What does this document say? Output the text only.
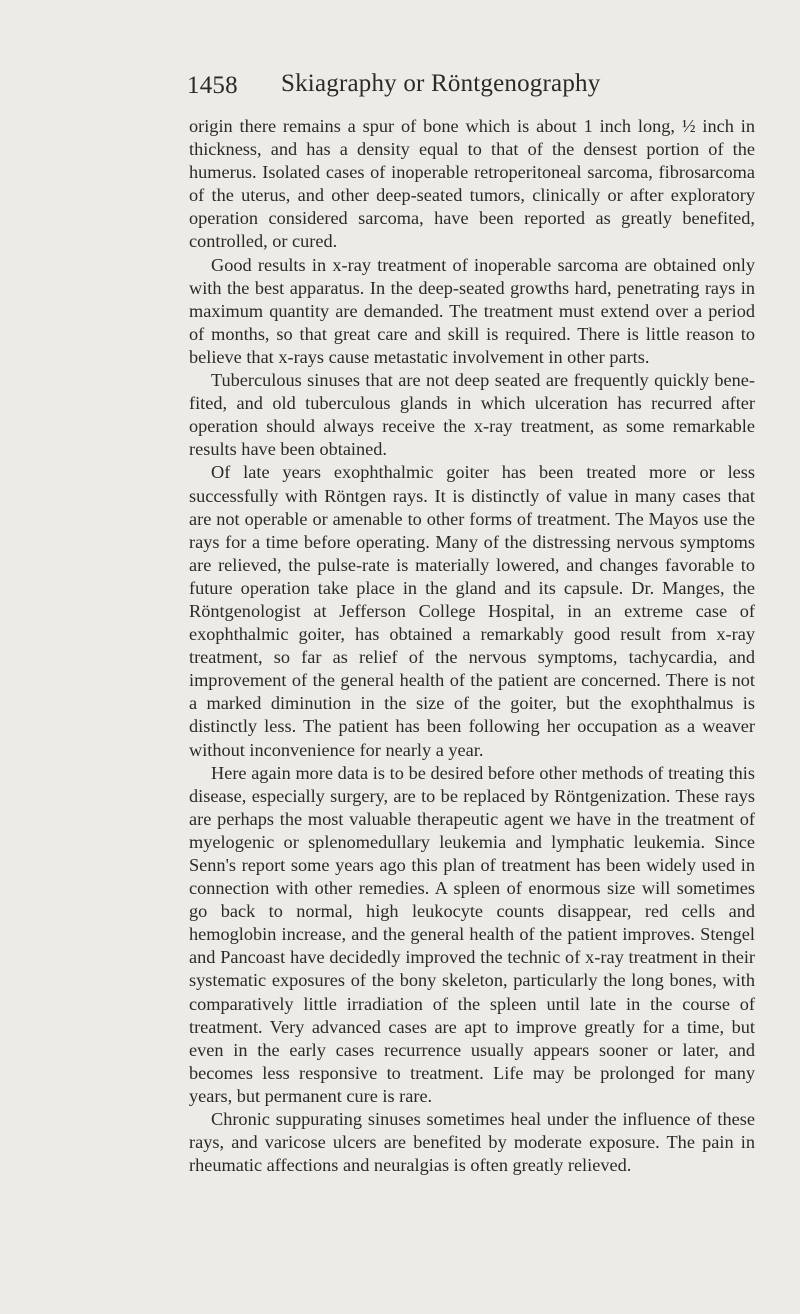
1458 Skiagraphy or Röntgenography

origin there remains a spur of bone which is about 1 inch long, ½ inch in thickness, and has a density equal to that of the densest portion of the humerus. Isolated cases of inoperable retroperitoneal sarcoma, fibrosarcoma of the uterus, and other deep-seated tumors, clinically or after exploratory operation considered sarcoma, have been reported as greatly benefited, controlled, or cured.

Good results in x-ray treatment of inoperable sarcoma are obtained only with the best apparatus. In the deep-seated growths hard, penetrating rays in maximum quantity are demanded. The treatment must extend over a period of months, so that great care and skill is required. There is little reason to believe that x-rays cause metastatic involvement in other parts.

Tuberculous sinuses that are not deep seated are frequently quickly benefited, and old tuberculous glands in which ulceration has recurred after operation should always receive the x-ray treatment, as some remarkable results have been obtained.

Of late years exophthalmic goiter has been treated more or less successfully with Röntgen rays. It is distinctly of value in many cases that are not operable or amenable to other forms of treatment. The Mayos use the rays for a time before operating. Many of the distressing nervous symptoms are relieved, the pulse-rate is materially lowered, and changes favorable to future operation take place in the gland and its capsule. Dr. Manges, the Röntgenologist at Jefferson College Hospital, in an extreme case of exophthalmic goiter, has obtained a remarkably good result from x-ray treatment, so far as relief of the nervous symptoms, tachycardia, and improvement of the general health of the patient are concerned. There is not a marked diminution in the size of the goiter, but the exophthalmus is distinctly less. The patient has been following her occupation as a weaver without inconvenience for nearly a year.

Here again more data is to be desired before other methods of treating this disease, especially surgery, are to be replaced by Röntgenization. These rays are perhaps the most valuable therapeutic agent we have in the treatment of myelogenic or splenomedullary leukemia and lymphatic leukemia. Since Senn's report some years ago this plan of treatment has been widely used in connection with other remedies. A spleen of enormous size will sometimes go back to normal, high leukocyte counts disappear, red cells and hemoglobin increase, and the general health of the patient improves. Stengel and Pancoast have decidedly improved the technic of x-ray treatment in their systematic exposures of the bony skeleton, particularly the long bones, with comparatively little irradiation of the spleen until late in the course of treatment. Very advanced cases are apt to improve greatly for a time, but even in the early cases recurrence usually appears sooner or later, and becomes less responsive to treatment. Life may be prolonged for many years, but permanent cure is rare.

Chronic suppurating sinuses sometimes heal under the influence of these rays, and varicose ulcers are benefited by moderate exposure. The pain in rheumatic affections and neuralgias is often greatly relieved.
